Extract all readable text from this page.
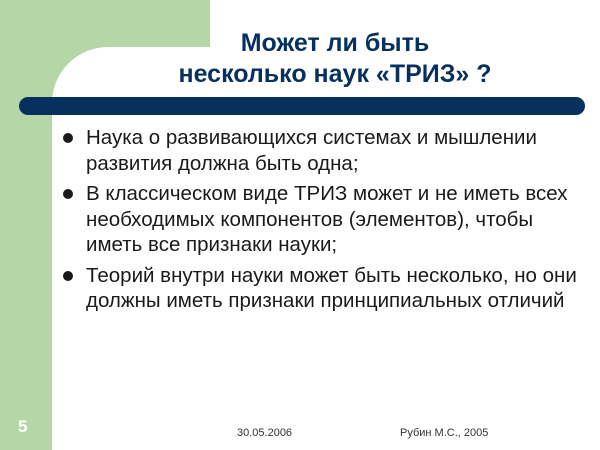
Может ли быть
несколько наук «ТРИЗ» ?
Наука о развивающихся системах и мышлении развития должна быть одна;
В классическом виде ТРИЗ может и не иметь всех необходимых компонентов (элементов), чтобы иметь все признаки науки;
Теорий внутри науки может быть несколько, но они должны иметь признаки принципиальных отличий
5	30.05.2006	Рубин М.С., 2005
